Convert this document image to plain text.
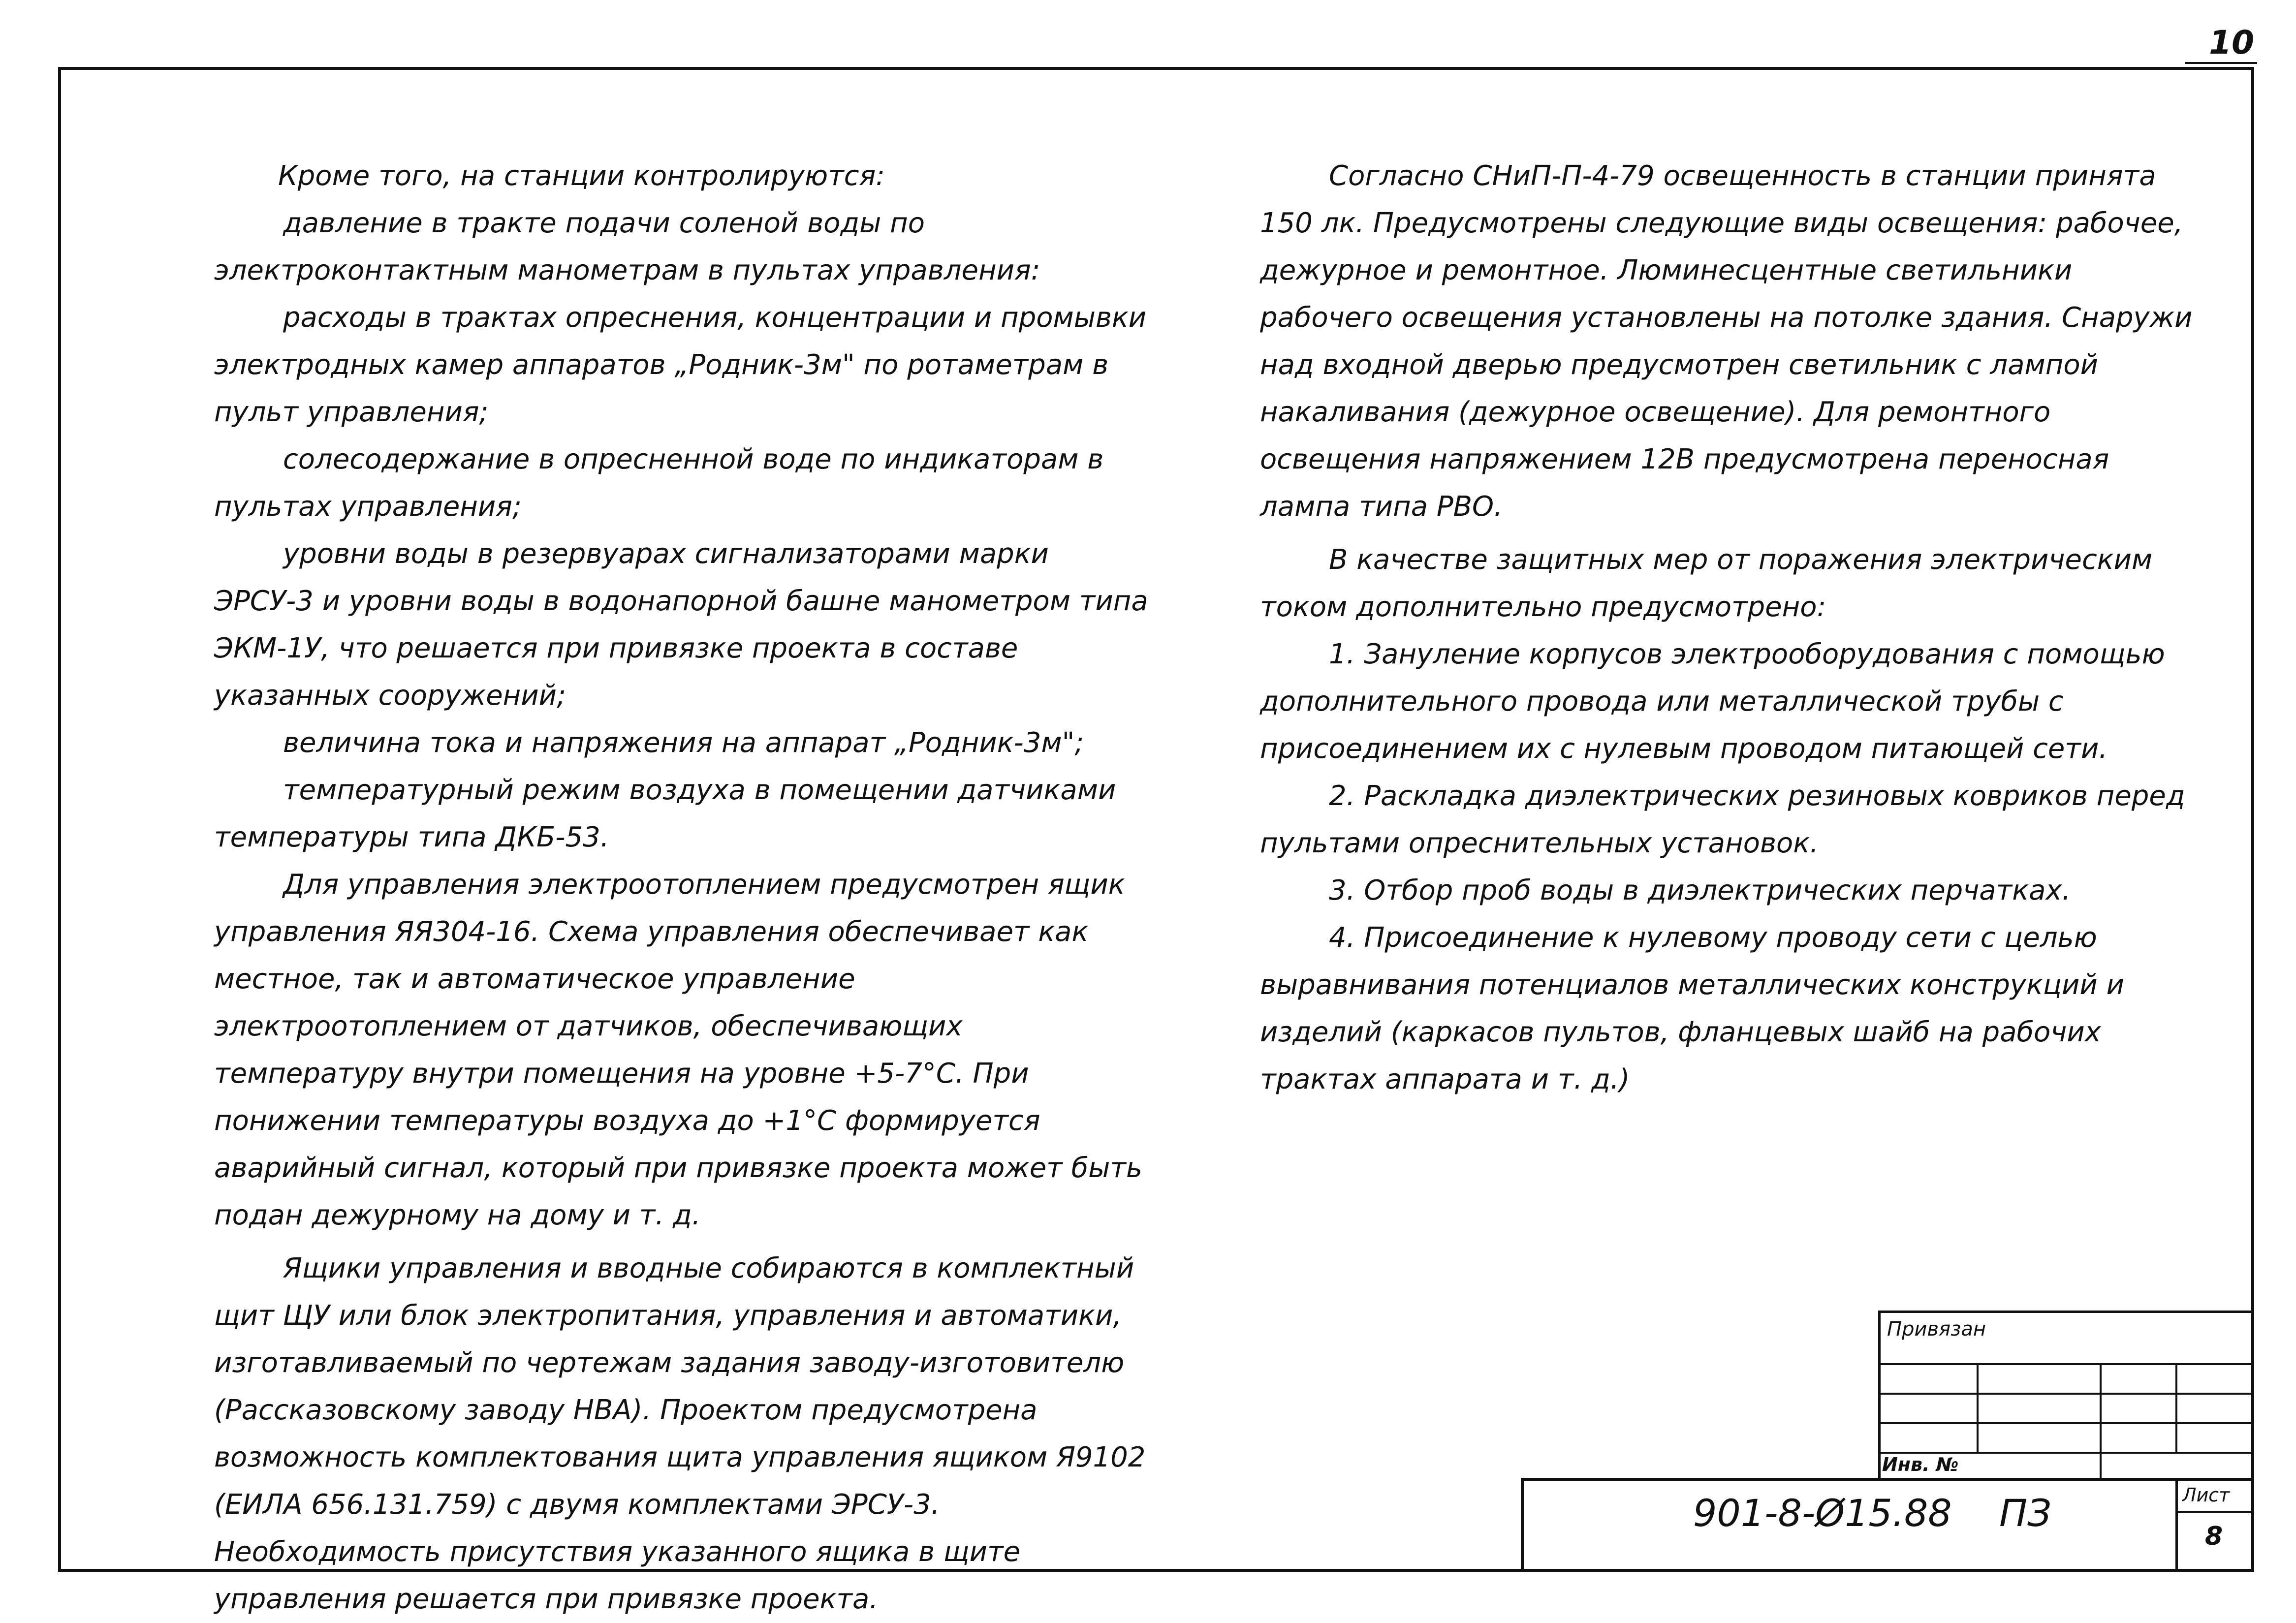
10

Кроме того, на станции контролируются:

давление в тракте подачи соленой воды по электроконтактным манометрам в пультах управления:

расходы в трактах опреснения, концентрации и промывки электродных камер аппаратов „Родник-3м" по ротаметрам в пульт управления;

солесодержание в опресненной воде по индикаторам в пультах управления;

уровни воды в резервуарах сигнализаторами марки ЭРСУ-3 и уровни воды в водонапорной башне манометром типа ЭКМ-1У, что решается при привязке проекта в составе указанных сооружений;

величина тока и напряжения на аппарат „Родник-3м";

температурный режим воздуха в помещении датчиками температуры типа ДКБ-53.

Для управления электроотоплением предусмотрен ящик управления ЯЯ304-16. Схема управления обеспечивает как местное, так и автоматическое управление электроотоплением от датчиков, обеспечивающих температуру внутри помещения на уровне +5-7°С. При понижении температуры воздуха до +1°С формируется аварийный сигнал, который при привязке проекта может быть подан дежурному на дому и т. д.

Ящики управления и вводные собираются в комплектный щит ЩУ или блок электропитания, управления и автоматики, изготавливаемый по чертежам задания заводу-изготовителю (Рассказовскому заводу НВА). Проектом предусмотрена возможность комплектования щита управления ящиком Я9102 (ЕИЛА 656.131.759) с двумя комплектами ЭРСУ-3. Необходимость присутствия указанного ящика в щите управления решается при привязке проекта.

Согласно СНиП-П-4-79 освещенность в станции принята 150 лк. Предусмотрены следующие виды освещения: рабочее, дежурное и ремонтное. Люминесцентные светильники рабочего освещения установлены на потолке здания. Снаружи над входной дверью предусмотрен светильник с лампой накаливания (дежурное освещение). Для ремонтного освещения напряжением 12В предусмотрена переносная лампа типа РВО.

В качестве защитных мер от поражения электрическим током дополнительно предусмотрено:

1. Зануление корпусов электрооборудования с помощью дополнительного провода или металлической трубы с присоединением их с нулевым проводом питающей сети.

2. Раскладка диэлектрических резиновых ковриков перед пультами опреснительных установок.

3. Отбор проб воды в диэлектрических перчатках.

4. Присоединение к нулевому проводу сети с целью выравнивания потенциалов металлических конструкций и изделий (каркасов пультов, фланцевых шайб на рабочих трактах аппарата и т. д.)

Привязан
Инв. №
901-8-Ø15.88 ПЗ	Лист
8
